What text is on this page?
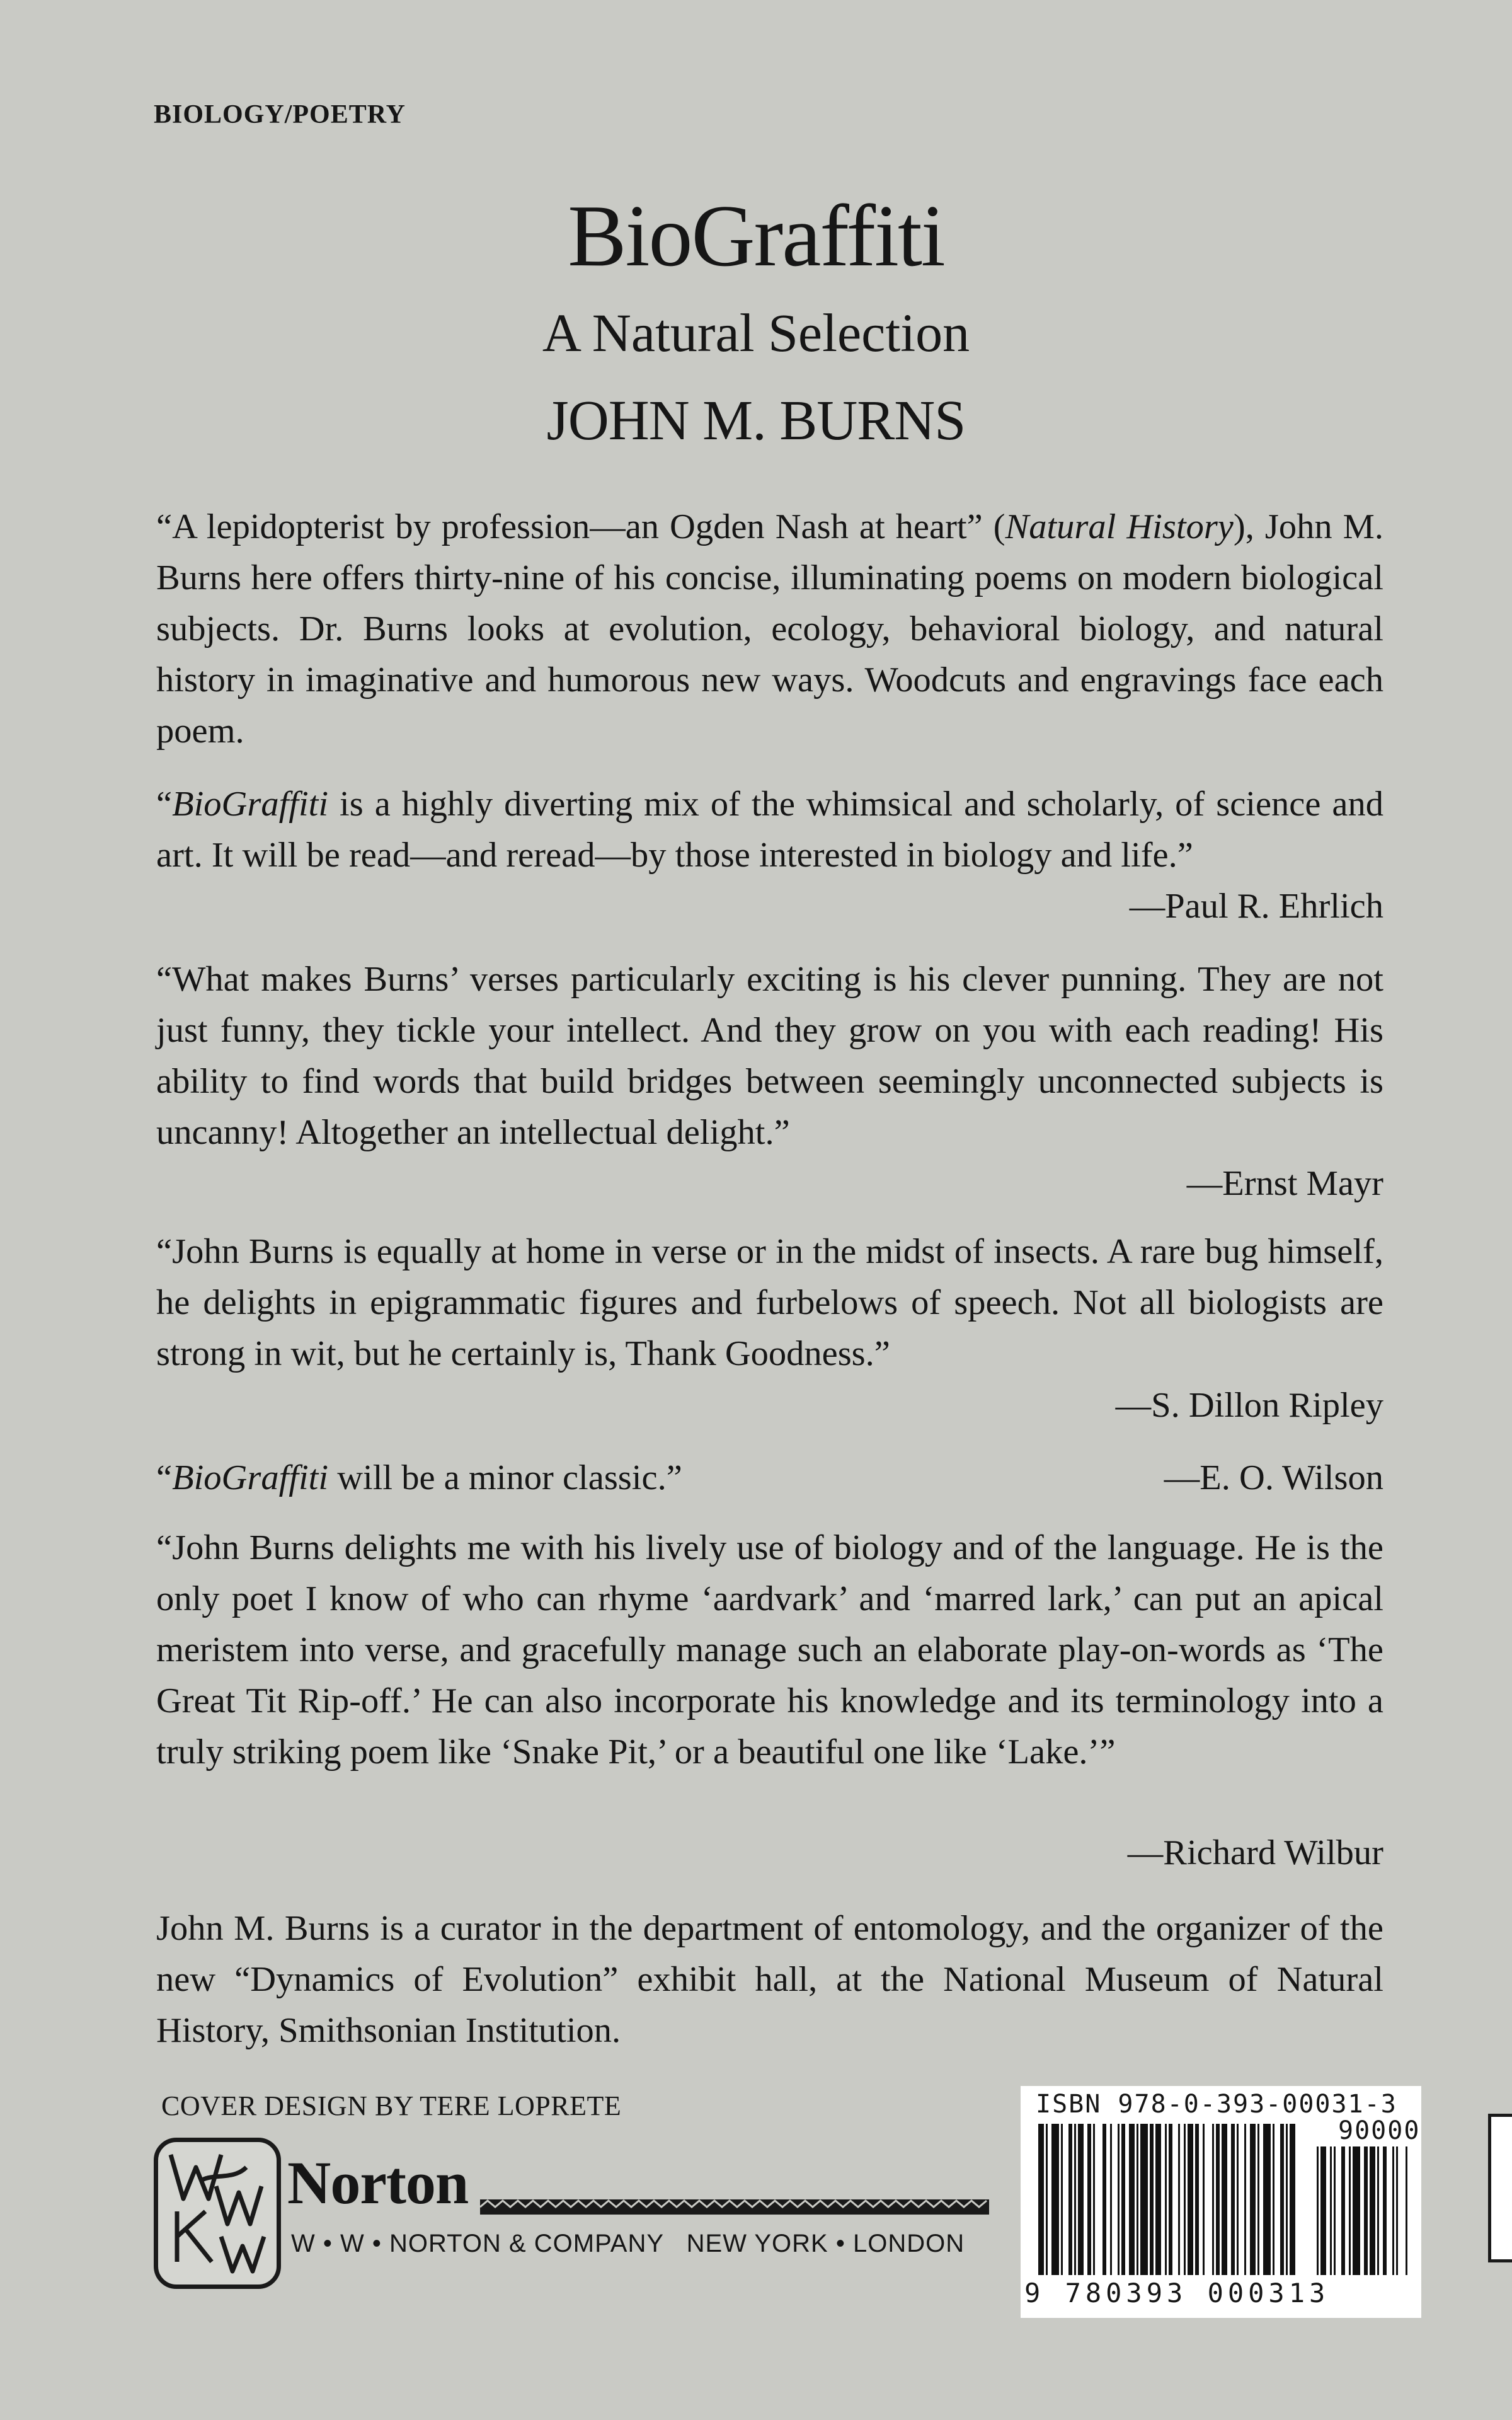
BIOLOGY/POETRY
BioGraffiti
A Natural Selection
JOHN M. BURNS
“A lepidopterist by profession—an Ogden Nash at heart” (Natural History), John M. Burns here offers thirty-nine of his concise, illuminating poems on modern biological subjects. Dr. Burns looks at evolution, ecology, behavioral biology, and natural history in imaginative and humorous new ways. Woodcuts and engravings face each poem.
“BioGraffiti is a highly diverting mix of the whimsical and scholarly, of science and art. It will be read—and reread—by those interested in biology and life.”
—Paul R. Ehrlich
“What makes Burns’ verses particularly exciting is his clever punning. They are not just funny, they tickle your intellect. And they grow on you with each reading! His ability to find words that build bridges between seemingly unconnected subjects is uncanny! Altogether an intellectual delight.”
—Ernst Mayr
“John Burns is equally at home in verse or in the midst of insects. A rare bug himself, he delights in epigrammatic figures and furbelows of speech. Not all biologists are strong in wit, but he certainly is, Thank Goodness.”
—S. Dillon Ripley
“BioGraffiti will be a minor classic.”	—E. O. Wilson
“John Burns delights me with his lively use of biology and of the language. He is the only poet I know of who can rhyme ‘aardvark’ and ‘marred lark,’ can put an apical meristem into verse, and gracefully manage such an elaborate play-on-words as ‘The Great Tit Rip-off.’ He can also incorporate his knowledge and its terminology into a truly striking poem like ‘Snake Pit,’ or a beautiful one like ‘Lake.’”
—Richard Wilbur
John M. Burns is a curator in the department of entomology, and the organizer of the new “Dynamics of Evolution” exhibit hall, at the National Museum of Natural History, Smithsonian Institution.
COVER DESIGN BY TERE LOPRETE
Norton
W • W • NORTON & COMPANY NEW YORK • LONDON
ISBN 978-0-393-00031-3
90000
9 780393 000313
